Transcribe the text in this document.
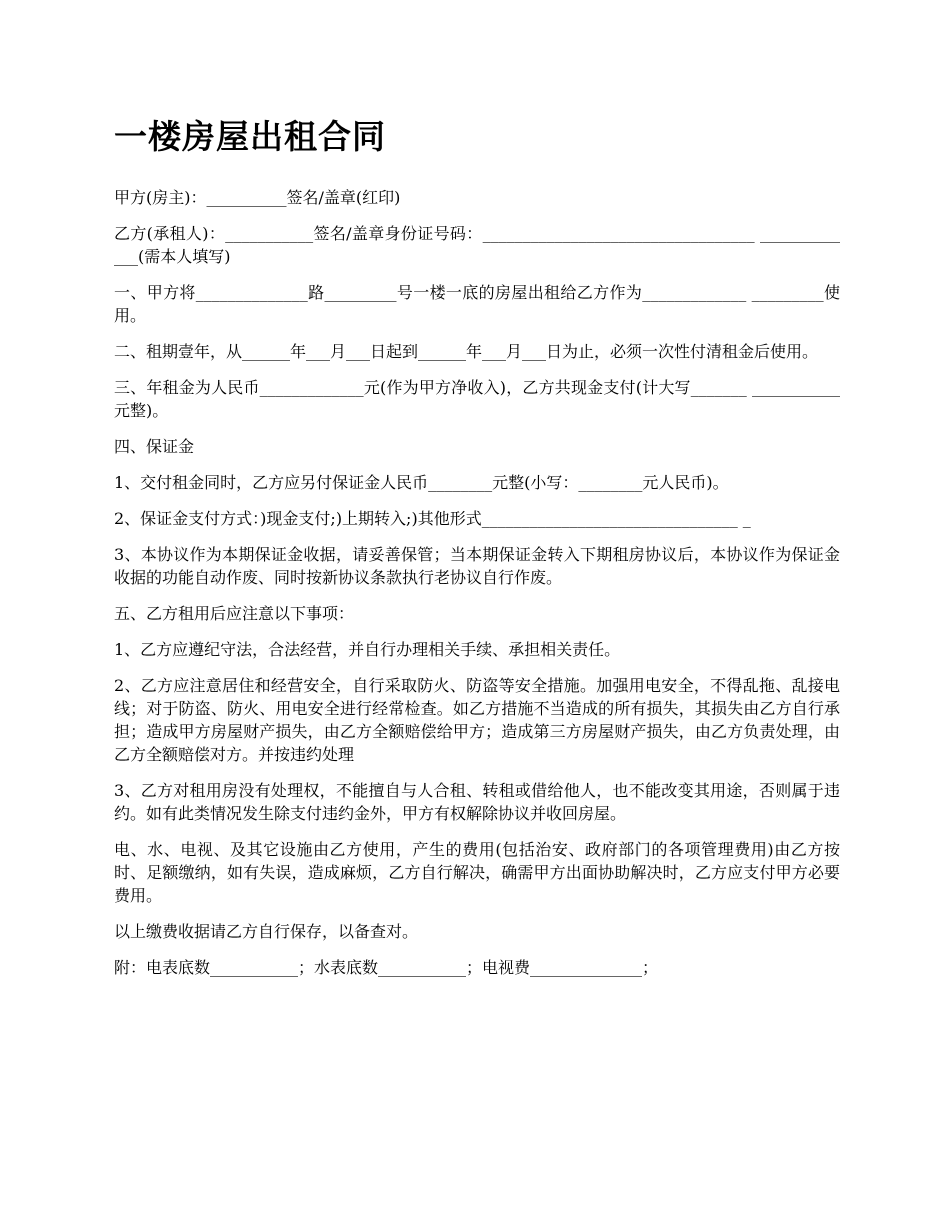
一楼房屋出租合同

甲方(房主)：__________签名/盖章(红印)

乙方(承租人)：___________签名/盖章身份证号码：__________________________________ _____________(需本人填写)

一、甲方将______________路_________号一楼一底的房屋出租给乙方作为_____________ _________使用。

二、租期壹年，从______年___月___日起到______年___月___日为止，必须一次性付清租金后使用。

三、年租金为人民币_____________元(作为甲方净收入)，乙方共现金支付(计大写_______ ___________元整)。

四、保证金

1、交付租金同时，乙方应另付保证金人民币________元整(小写：________元人民币)。

2、保证金支付方式：)现金支付;)上期转入;)其他形式________________________________ _

3、本协议作为本期保证金收据，请妥善保管；当本期保证金转入下期租房协议后，本协议作为保证金收据的功能自动作废、同时按新协议条款执行老协议自行作废。

五、乙方租用后应注意以下事项：

1、乙方应遵纪守法，合法经营，并自行办理相关手续、承担相关责任。

2、乙方应注意居住和经营安全，自行采取防火、防盗等安全措施。加强用电安全，不得乱拖、乱接电线；对于防盗、防火、用电安全进行经常检查。如乙方措施不当造成的所有损失，其损失由乙方自行承担；造成甲方房屋财产损失，由乙方全额赔偿给甲方；造成第三方房屋财产损失，由乙方负责处理，由乙方全额赔偿对方。并按违约处理

3、乙方对租用房没有处理权，不能擅自与人合租、转租或借给他人，也不能改变其用途，否则属于违约。如有此类情况发生除支付违约金外，甲方有权解除协议并收回房屋。

电、水、电视、及其它设施由乙方使用，产生的费用(包括治安、政府部门的各项管理费用)由乙方按时、足额缴纳，如有失误，造成麻烦，乙方自行解决，确需甲方出面协助解决时，乙方应支付甲方必要费用。

以上缴费收据请乙方自行保存，以备查对。

附：电表底数___________；水表底数___________；电视费______________；
